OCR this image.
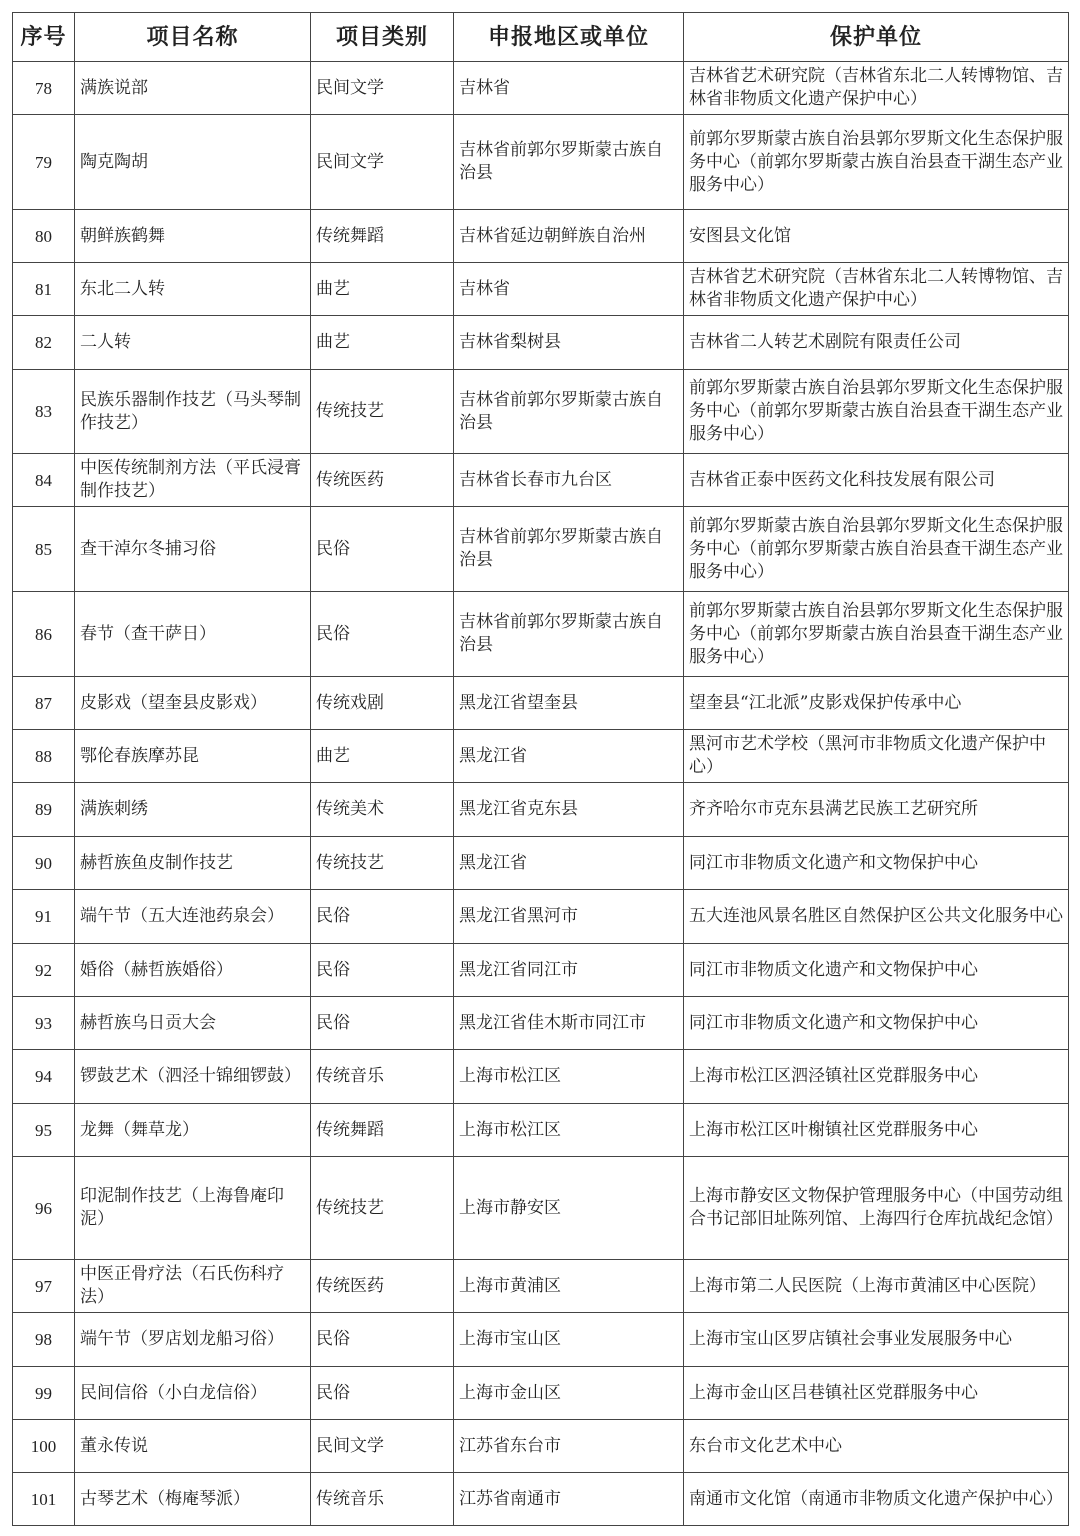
序号	项目名称	项目类别	申报地区或单位	保护单位
78	满族说部	民间文学	吉林省	吉林省艺术研究院（吉林省东北二人转博物馆、吉林省非物质文化遗产保护中心）
79	陶克陶胡	民间文学	吉林省前郭尔罗斯蒙古族自治县	前郭尔罗斯蒙古族自治县郭尔罗斯文化生态保护服务中心（前郭尔罗斯蒙古族自治县查干湖生态产业服务中心）
80	朝鲜族鹤舞	传统舞蹈	吉林省延边朝鲜族自治州	安图县文化馆
81	东北二人转	曲艺	吉林省	吉林省艺术研究院（吉林省东北二人转博物馆、吉林省非物质文化遗产保护中心）
82	二人转	曲艺	吉林省梨树县	吉林省二人转艺术剧院有限责任公司
83	民族乐器制作技艺（马头琴制作技艺）	传统技艺	吉林省前郭尔罗斯蒙古族自治县	前郭尔罗斯蒙古族自治县郭尔罗斯文化生态保护服务中心（前郭尔罗斯蒙古族自治县查干湖生态产业服务中心）
84	中医传统制剂方法（平氏浸膏制作技艺）	传统医药	吉林省长春市九台区	吉林省正泰中医药文化科技发展有限公司
85	查干淖尔冬捕习俗	民俗	吉林省前郭尔罗斯蒙古族自治县	前郭尔罗斯蒙古族自治县郭尔罗斯文化生态保护服务中心（前郭尔罗斯蒙古族自治县查干湖生态产业服务中心）
86	春节（查干萨日）	民俗	吉林省前郭尔罗斯蒙古族自治县	前郭尔罗斯蒙古族自治县郭尔罗斯文化生态保护服务中心（前郭尔罗斯蒙古族自治县查干湖生态产业服务中心）
87	皮影戏（望奎县皮影戏）	传统戏剧	黑龙江省望奎县	望奎县“江北派”皮影戏保护传承中心
88	鄂伦春族摩苏昆	曲艺	黑龙江省	黑河市艺术学校（黑河市非物质文化遗产保护中心）
89	满族刺绣	传统美术	黑龙江省克东县	齐齐哈尔市克东县满艺民族工艺研究所
90	赫哲族鱼皮制作技艺	传统技艺	黑龙江省	同江市非物质文化遗产和文物保护中心
91	端午节（五大连池药泉会）	民俗	黑龙江省黑河市	五大连池风景名胜区自然保护区公共文化服务中心
92	婚俗（赫哲族婚俗）	民俗	黑龙江省同江市	同江市非物质文化遗产和文物保护中心
93	赫哲族乌日贡大会	民俗	黑龙江省佳木斯市同江市	同江市非物质文化遗产和文物保护中心
94	锣鼓艺术（泗泾十锦细锣鼓）	传统音乐	上海市松江区	上海市松江区泗泾镇社区党群服务中心
95	龙舞（舞草龙）	传统舞蹈	上海市松江区	上海市松江区叶榭镇社区党群服务中心
96	印泥制作技艺（上海鲁庵印泥）	传统技艺	上海市静安区	上海市静安区文物保护管理服务中心（中国劳动组合书记部旧址陈列馆、上海四行仓库抗战纪念馆）
97	中医正骨疗法（石氏伤科疗法）	传统医药	上海市黄浦区	上海市第二人民医院（上海市黄浦区中心医院）
98	端午节（罗店划龙船习俗）	民俗	上海市宝山区	上海市宝山区罗店镇社会事业发展服务中心
99	民间信俗（小白龙信俗）	民俗	上海市金山区	上海市金山区吕巷镇社区党群服务中心
100	董永传说	民间文学	江苏省东台市	东台市文化艺术中心
101	古琴艺术（梅庵琴派）	传统音乐	江苏省南通市	南通市文化馆（南通市非物质文化遗产保护中心）
